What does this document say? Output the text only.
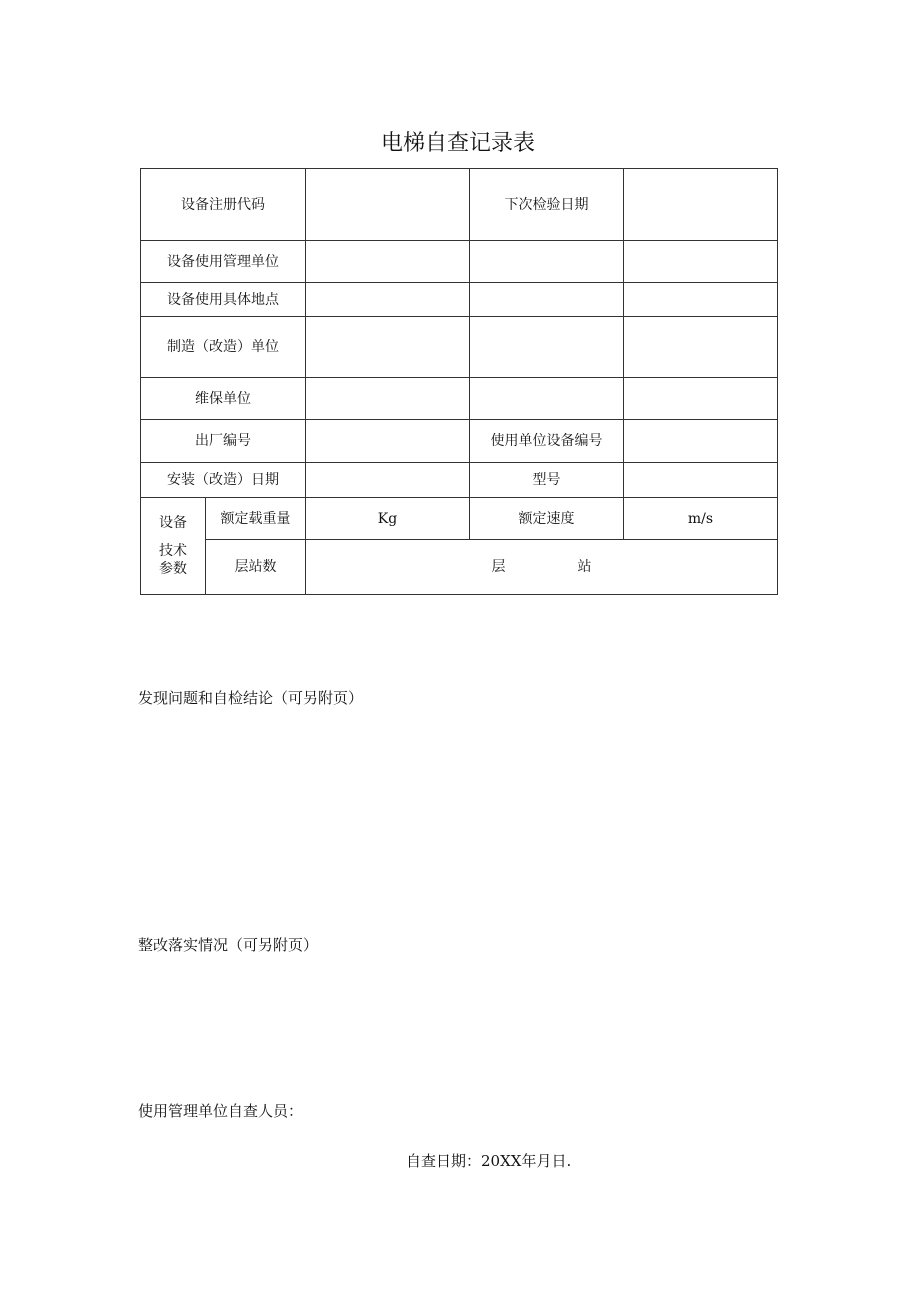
电梯自查记录表
设备注册代码			下次检验日期	
设备使用管理单位				
设备使用具体地点				
制造（改造）单位				
维保单位				
出厂编号			使用单位设备编号	
安装（改造）日期			型号	

设备
技术
参数	额定载重量	Kg	额定速度	m/s
	层站数	层 站		
发现问题和自检结论（可另附页）
整改落实情况（可另附页）
使用管理单位自查人员：
自查日期：20XX年月日.
